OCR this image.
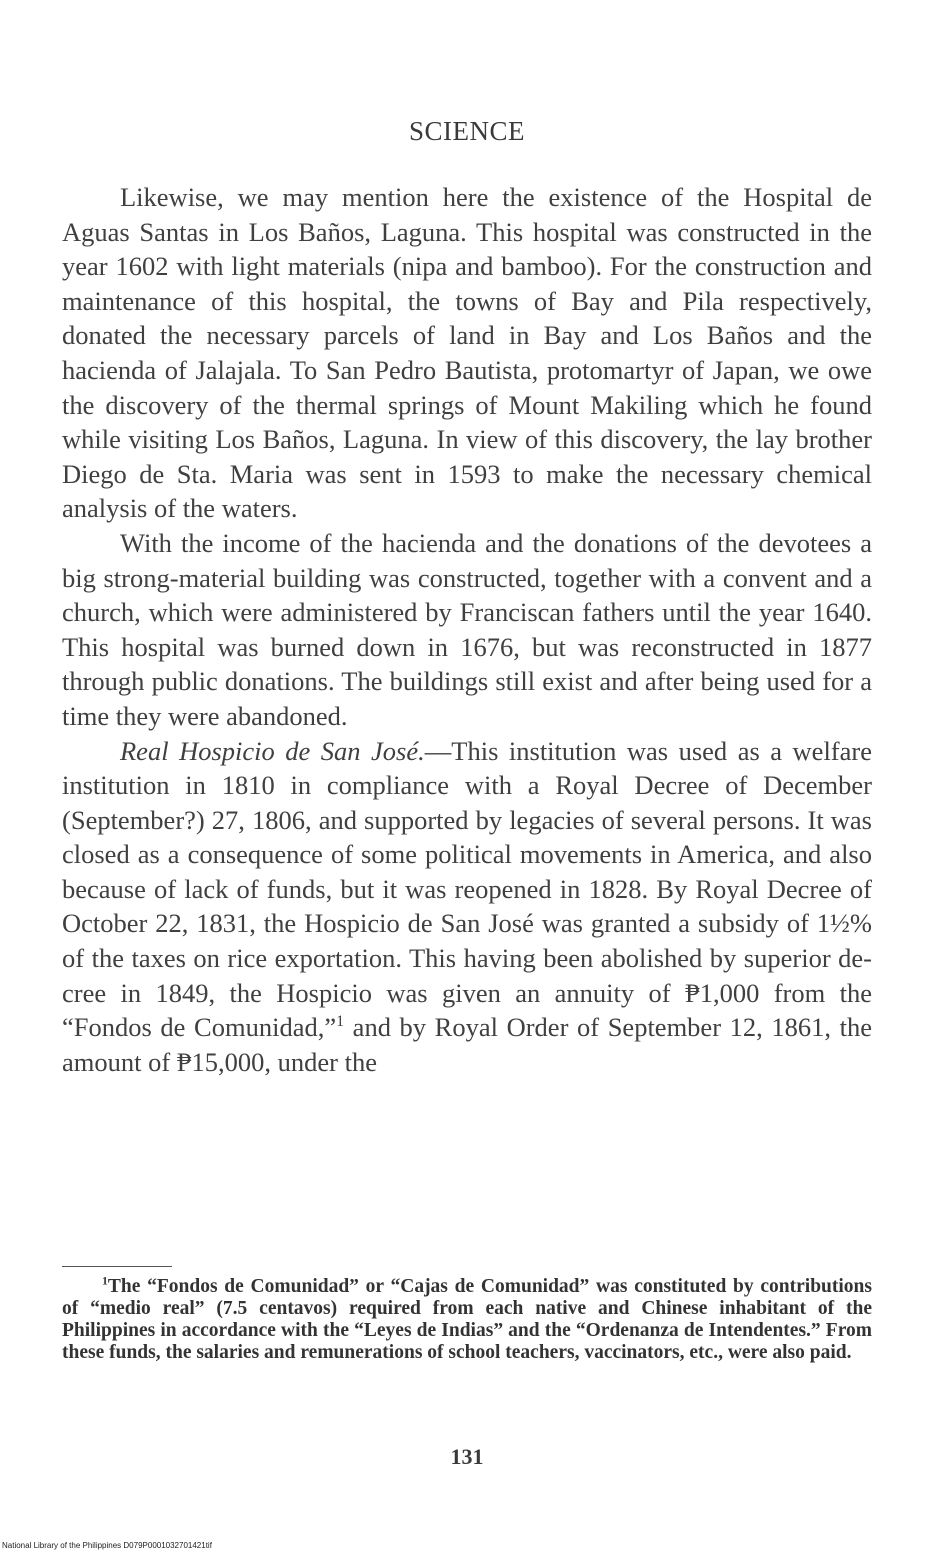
SCIENCE

Likewise, we may mention here the existence of the Hospital de Aguas Santas in Los Baños, Laguna. This hospital was constructed in the year 1602 with light materials (nipa and bamboo). For the construction and maintenance of this hospital, the towns of Bay and Pila respectively, donated the necessary parcels of land in Bay and Los Baños and the hacienda of Jalajala. To San Pedro Bautista, protomartyr of Japan, we owe the discovery of the thermal springs of Mount Makiling which he found while visiting Los Baños, Laguna. In view of this discovery, the lay brother Diego de Sta. Maria was sent in 1593 to make the necessary chemical analysis of the waters.

With the income of the hacienda and the donations of the devotees a big strong-material building was constructed, together with a convent and a church, which were administered by Franciscan fathers until the year 1640. This hospital was burned down in 1676, but was reconstructed in 1877 through public donations. The buildings still exist and after being used for a time they were abandoned.

Real Hospicio de San José.—This institution was used as a welfare institution in 1810 in compliance with a Royal Decree of December (September?) 27, 1806, and supported by legacies of several persons. It was closed as a consequence of some political movements in America, and also because of lack of funds, but it was reopened in 1828. By Royal Decree of October 22, 1831, the Hospicio de San José was granted a subsidy of 1½% of the taxes on rice exportation. This having been abolished by superior decree in 1849, the Hospicio was given an annuity of ₱1,000 from the “Fondos de Comunidad,”$^1$ and by Royal Order of September 12, 1861, the amount of ₱15,000, under the

$^1$The “Fondos de Comunidad” or “Cajas de Comunidad” was constituted by contributions of “medio real” (7.5 centavos) required from each native and Chinese inhabitant of the Philippines in accordance with the “Leyes de Indias” and the “Ordenanza de Intendentes.” From these funds, the salaries and remunerations of school teachers, vaccinators, etc., were also paid.

131
National Library of the Philippines D079P0001032701421tif
